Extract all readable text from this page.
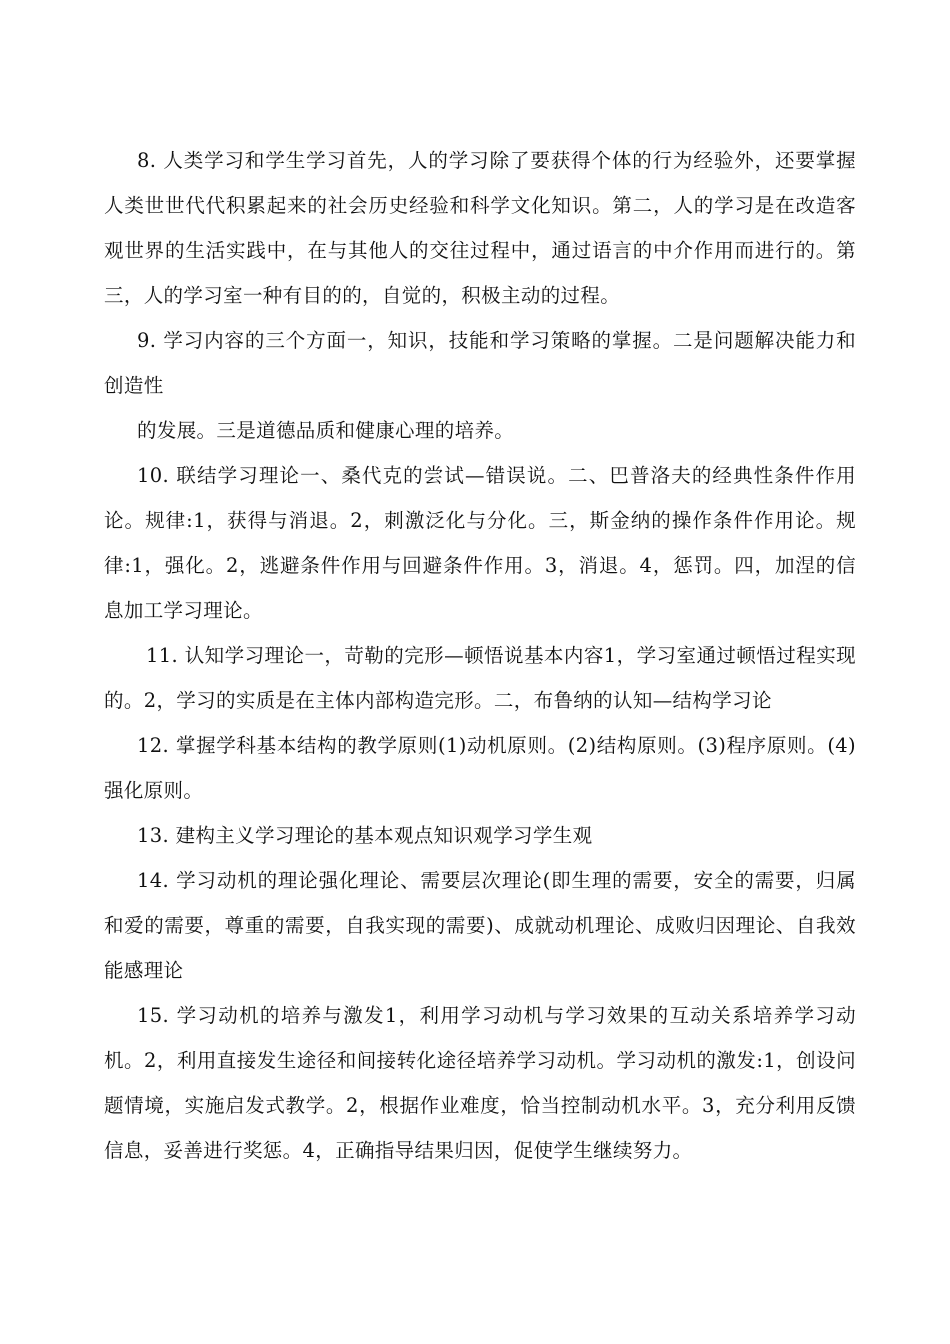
8. 人类学习和学生学习首先，人的学习除了要获得个体的行为经验外，还要掌握人类世世代代积累起来的社会历史经验和科学文化知识。第二，人的学习是在改造客观世界的生活实践中，在与其他人的交往过程中，通过语言的中介作用而进行的。第三，人的学习室一种有目的的，自觉的，积极主动的过程。

9. 学习内容的三个方面一，知识，技能和学习策略的掌握。二是问题解决能力和创造性

的发展。三是道德品质和健康心理的培养。

10. 联结学习理论一、桑代克的尝试—错误说。二、巴普洛夫的经典性条件作用论。规律:1，获得与消退。2，刺激泛化与分化。三，斯金纳的操作条件作用论。规律:1，强化。2，逃避条件作用与回避条件作用。3，消退。4，惩罚。四，加涅的信息加工学习理论。

11. 认知学习理论一，苛勒的完形—顿悟说基本内容1，学习室通过顿悟过程实现的。2，学习的实质是在主体内部构造完形。二，布鲁纳的认知—结构学习论

12. 掌握学科基本结构的教学原则(1)动机原则。(2)结构原则。(3)程序原则。(4)强化原则。

13. 建构主义学习理论的基本观点知识观学习学生观

14. 学习动机的理论强化理论、需要层次理论(即生理的需要，安全的需要，归属和爱的需要，尊重的需要，自我实现的需要)、成就动机理论、成败归因理论、自我效能感理论

15. 学习动机的培养与激发1，利用学习动机与学习效果的互动关系培养学习动机。2，利用直接发生途径和间接转化途径培养学习动机。学习动机的激发:1，创设问题情境，实施启发式教学。2，根据作业难度，恰当控制动机水平。3，充分利用反馈信息，妥善进行奖惩。4，正确指导结果归因，促使学生继续努力。
